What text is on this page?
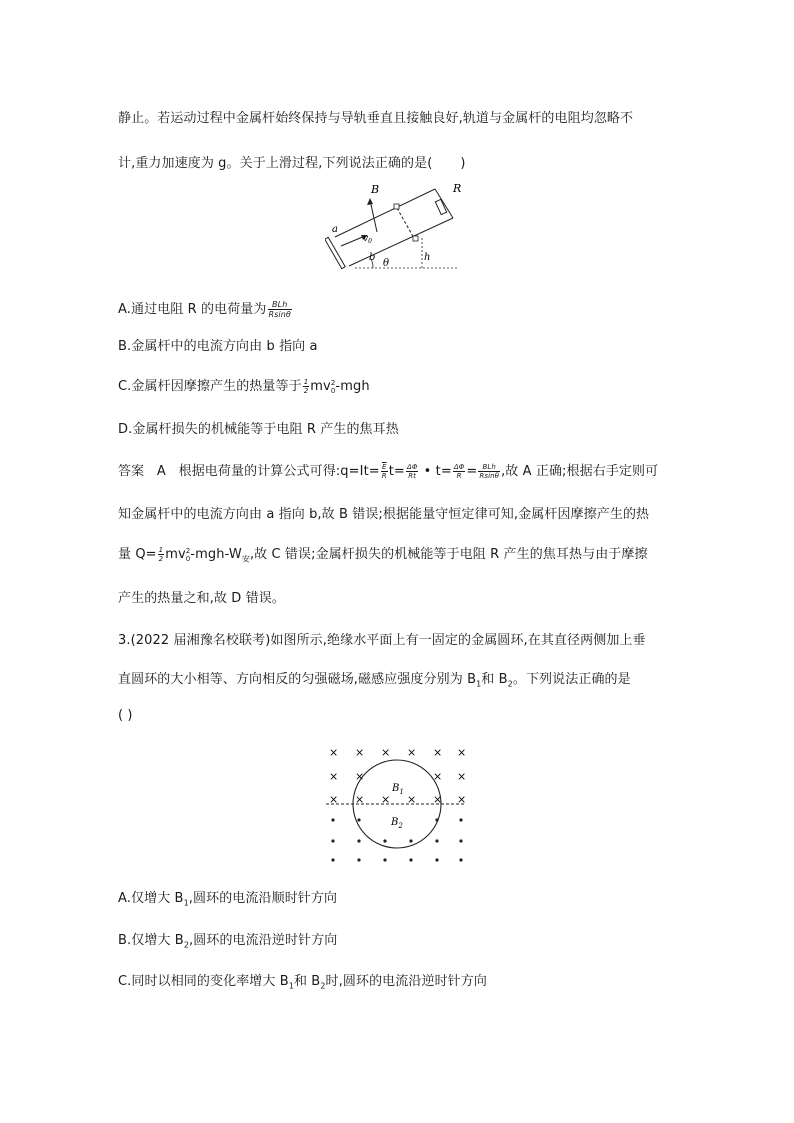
静止。若运动过程中金属杆始终保持与导轨垂直且接触良好,轨道与金属杆的电阻均忽略不
计,重力加速度为 g。关于上滑过程,下列说法正确的是( )
B	R
a
b
$v_0$
θ
h
A.通过电阻 R 的电荷量为 $\frac{\text{BLh}}{Rsin\theta}$
B.金属杆中的电流方向由 b 指向 a
C.金属杆因摩擦产生的热量等于 $\frac{1}{2}$ mv 2
0 -mgh
D.金属杆损失的机械能等于电阻 R 产生的焦耳热
答案 A 根据电荷量的计算公式可得:q=It= $\frac{\overline{E}}{R} t= \frac{\Delta\Phi}{Rt}$ • $t= \frac{\Delta\Phi}{R} = \frac{\text{BLh}}{Rsin\theta}$ ,故 A 正确;根据右手定则可
知金属杆中的电流方向由 a 指向 b,故 B 错误;根据能量守恒定律可知,金属杆因摩擦产生的热
量 $Q= \frac{1}{2}$ mv 2
0 $-mgh-W_安$,故 C 错误;金属杆损失的机械能等于电阻 R 产生的焦耳热与由于摩擦
产生的热量之和,故 D 错误。
3.(2022 届湘豫名校联考)如图所示,绝缘水平面上有一固定的金属圆环,在其直径两侧加上垂
直圆环的大小相等、方向相反的匀强磁场,磁感应强度分别为 $B_1$和 $B_2$。下列说法正确的是
( )
× × × × × ×
× ×	× ×
× × × × × ×
$B_1$
$B_2$
A.仅增大 $B_1$,圆环的电流沿顺时针方向
B.仅增大 $B_2$,圆环的电流沿逆时针方向
C.同时以相同的变化率增大 $B_1$和 $B_2$时,圆环的电流沿逆时针方向
